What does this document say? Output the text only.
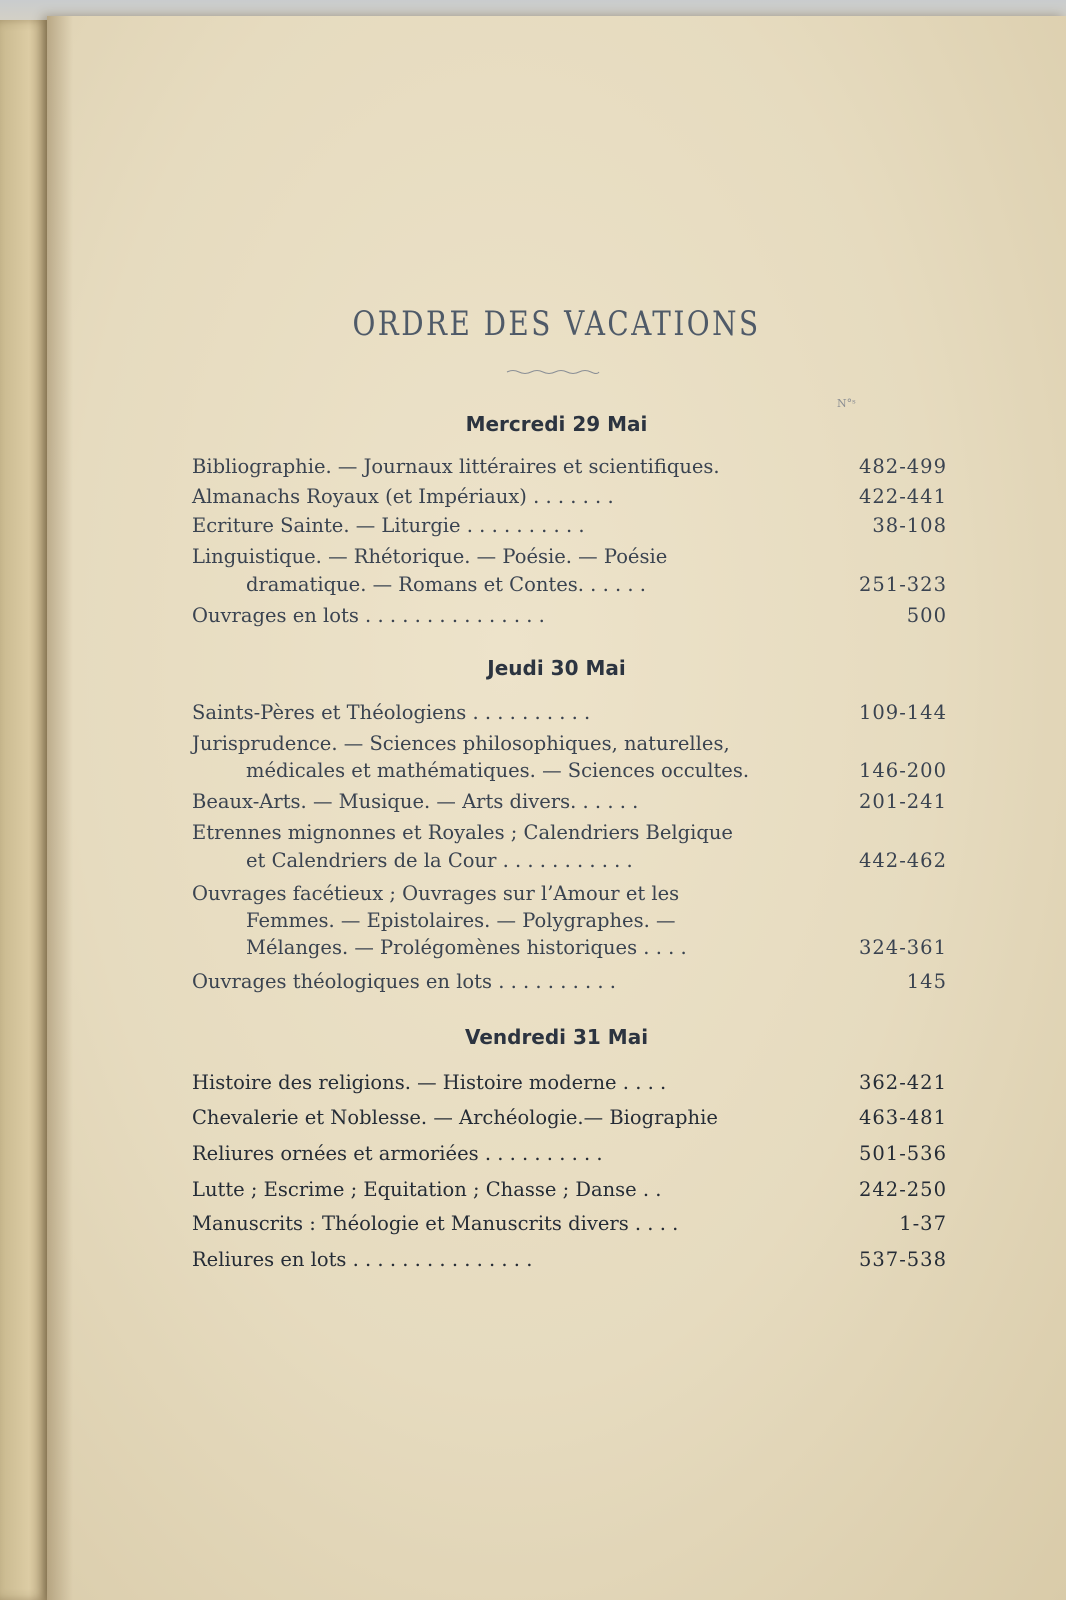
ORDRE DES VACATIONS
N°ˢ
Mercredi 29 Mai
Bibliographie. — Journaux littéraires et scientifiques.	482-499
Almanachs Royaux (et Impériaux) . . . . . . .	422-441
Ecriture Sainte. — Liturgie . . . . . . . . . .	38-108
Linguistique. — Rhétorique. — Poésie. — Poésie
dramatique. — Romans et Contes. . . . . .	251-323
Ouvrages en lots . . . . . . . . . . . . . . .	500
Jeudi 30 Mai
Saints-Pères et Théologiens . . . . . . . . . .	109-144
Jurisprudence. — Sciences philosophiques, naturelles,
médicales et mathématiques. — Sciences occultes.	146-200
Beaux-Arts. — Musique. — Arts divers. . . . . .	201-241
Etrennes mignonnes et Royales ; Calendriers Belgique
et Calendriers de la Cour . . . . . . . . . . .	442-462
Ouvrages facétieux ; Ouvrages sur l’Amour et les
Femmes. — Epistolaires. — Polygraphes. —
Mélanges. — Prolégomènes historiques . . . .	324-361
Ouvrages théologiques en lots . . . . . . . . . .	145
Vendredi 31 Mai
Histoire des religions. — Histoire moderne . . . .	362-421
Chevalerie et Noblesse. — Archéologie.— Biographie	463-481
Reliures ornées et armoriées . . . . . . . . . .	501-536
Lutte ; Escrime ; Equitation ; Chasse ; Danse . .	242-250
Manuscrits : Théologie et Manuscrits divers . . . .	1-37
Reliures en lots . . . . . . . . . . . . . . .	537-538
